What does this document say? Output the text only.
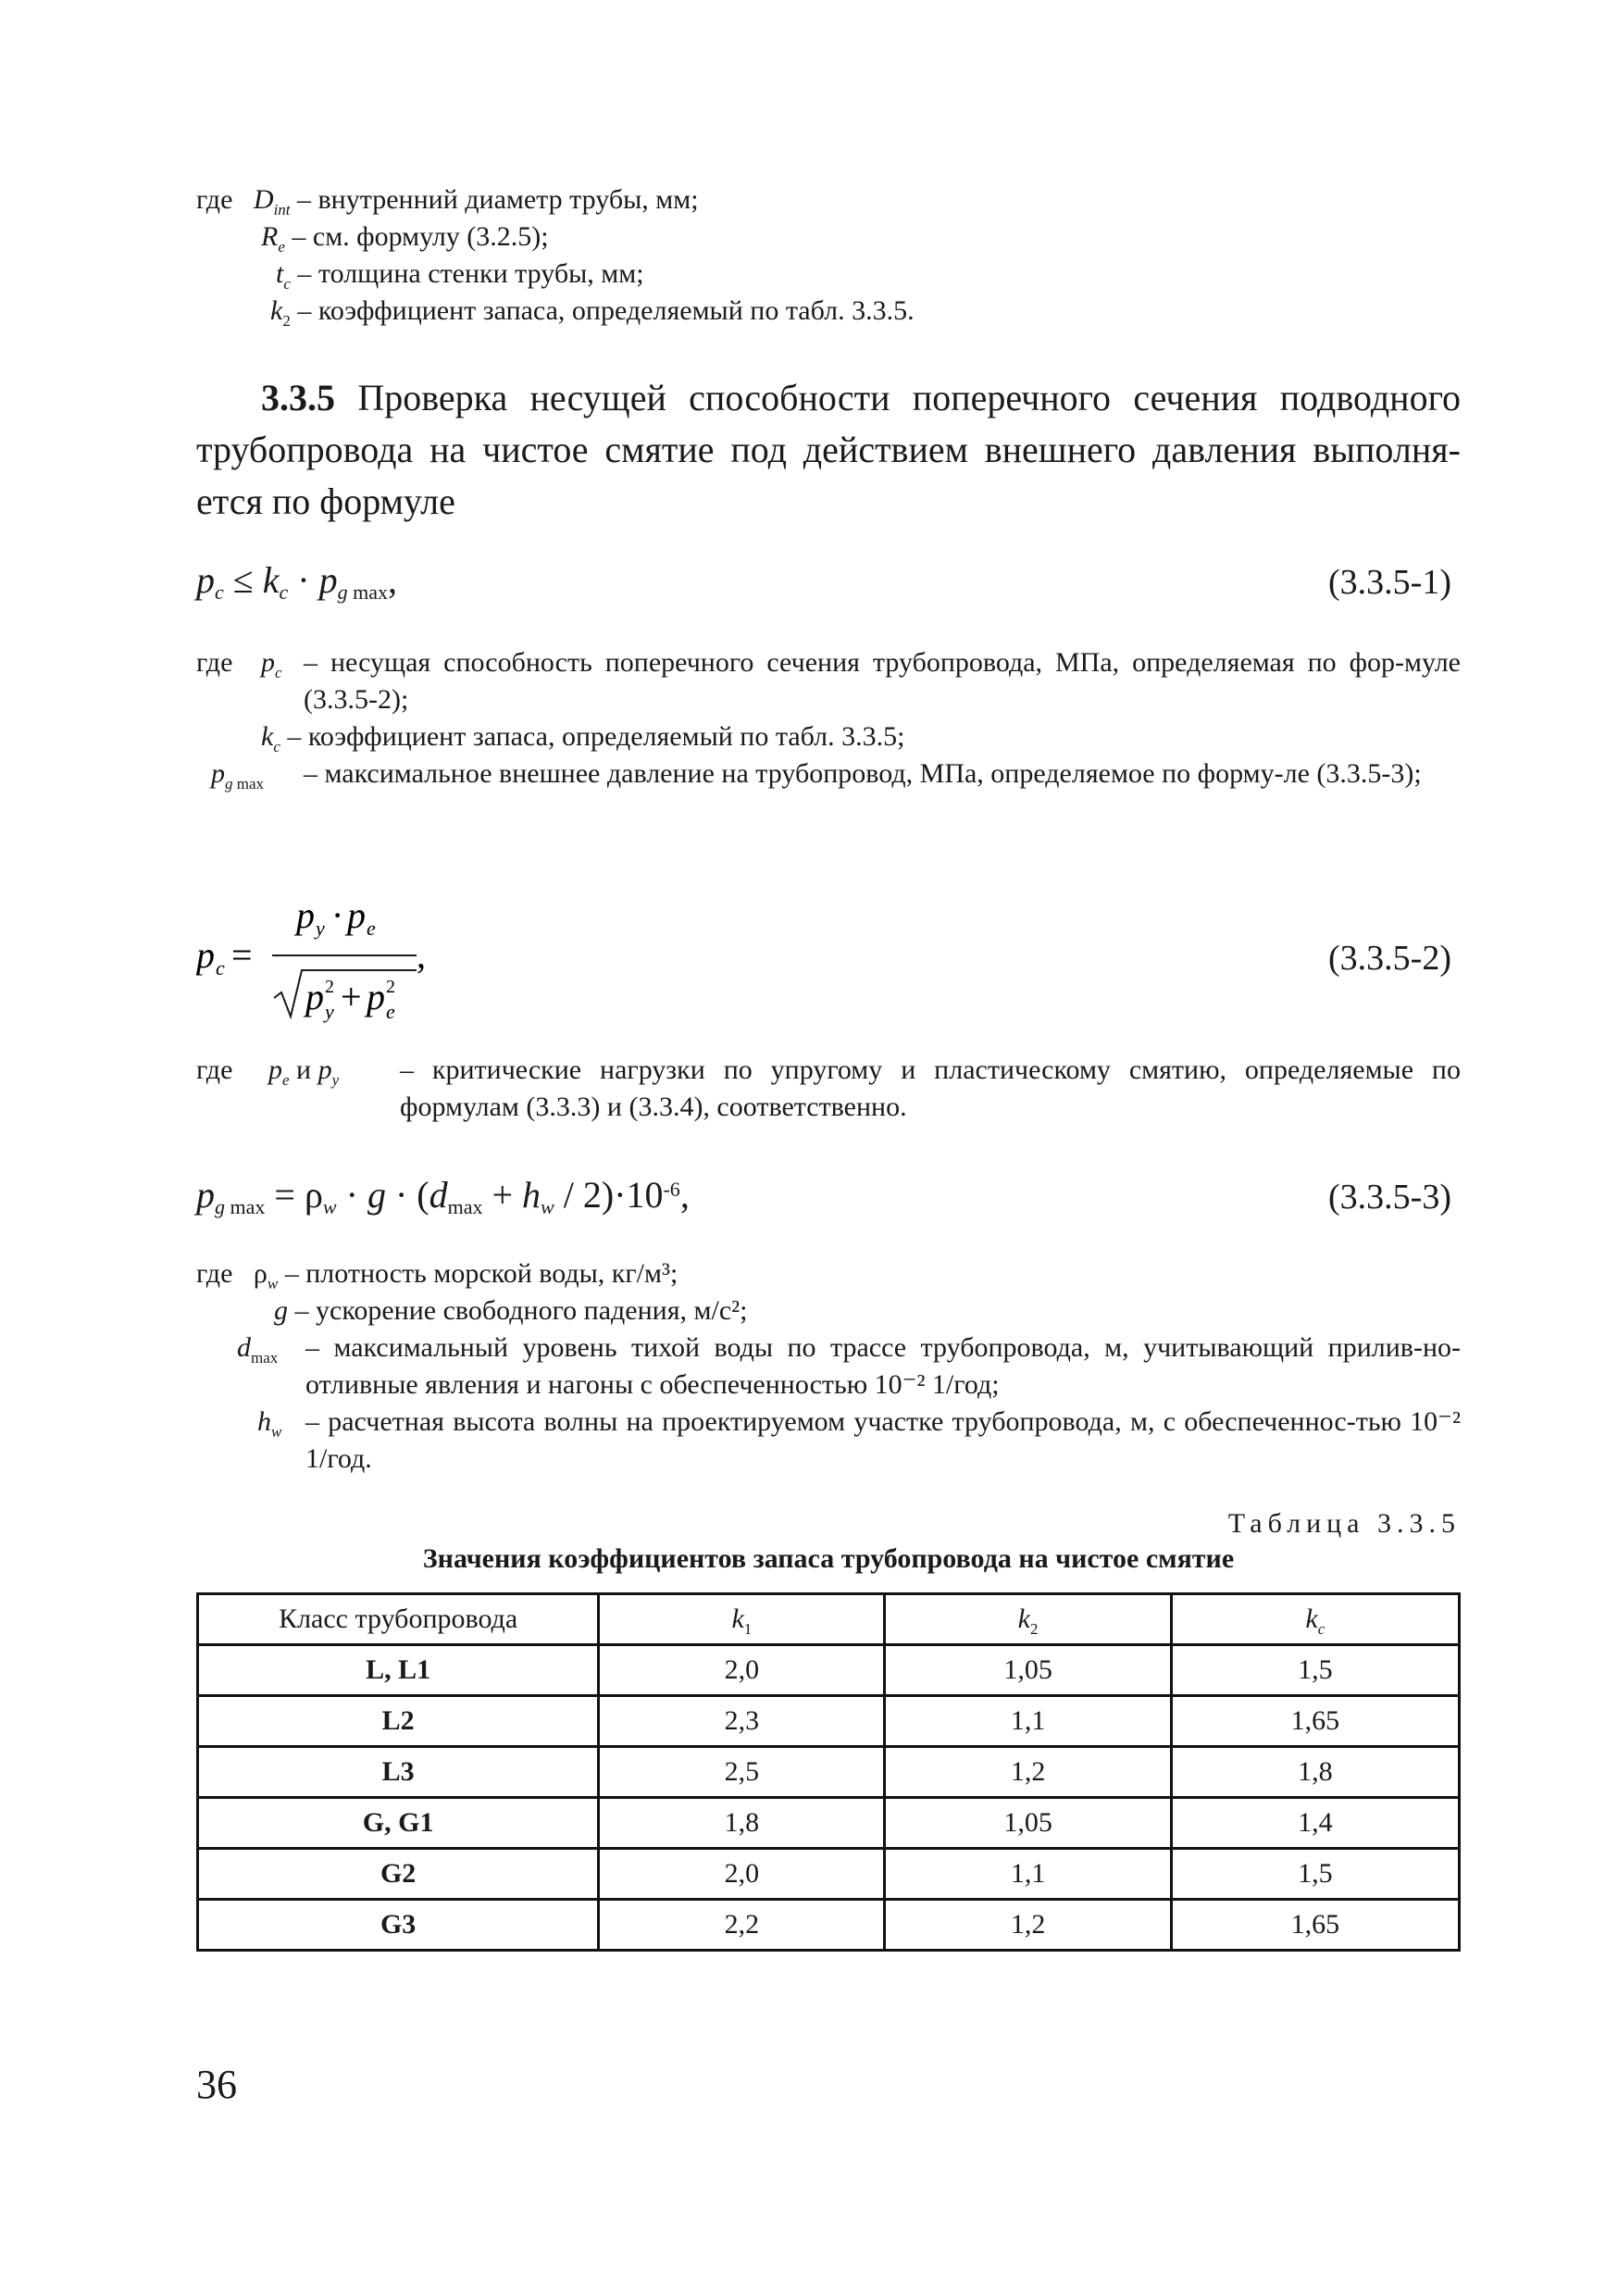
где $D_{int}$ – внутренний диаметр трубы, мм;
$R_e$ – см. формулу (3.2.5);
$t_c$ – толщина стенки трубы, мм;
$k_2$ – коэффициент запаса, определяемый по табл. 3.3.5.
3.3.5 Проверка несущей способности поперечного сечения подводного трубопровода на чистое смятие под действием внешнего давления выполня-ется по формуле
$p_c \le k_c \cdot p_{g max}$,	(3.3.5-1)
где $p_c$ – несущая способность поперечного сечения трубопровода, МПа, определяемая по фор-муле (3.3.5-2);
$k_c$ – коэффициент запаса, определяемый по табл. 3.3.5;
$p_{g max}$ – максимальное внешнее давление на трубопровод, МПа, определяемое по форму-ле (3.3.5-3);
p c =
p y · p e
,
p 2
y + p 2
e
(3.3.5-2)
где $p_e$ и $p_y$ – критические нагрузки по упругому и пластическому смятию, определяемые по формулам (3.3.3) и (3.3.4), соответственно.
$p_{g max} = \rho_w \cdot g \cdot (d_{max} + h_w / 2)\cdot 10^{-6}$,	(3.3.5-3)
где $\rho_w$ – плотность морской воды, кг/м³;
g – ускорение свободного падения, м/с²;
$d_{max}$ – максимальный уровень тихой воды по трассе трубопровода, м, учитывающий прилив-но-отливные явления и нагоны с обеспеченностью 10⁻² 1/год;
$h_w$ – расчетная высота волны на проектируемом участке трубопровода, м, с обеспеченнос-тью 10⁻² 1/год.
Таблица 3.3.5
Значения коэффициентов запаса трубопровода на чистое смятие
Класс трубопровода	$k_1$	$k_2$	$k_c$
L, L1	2,0	1,05	1,5
L2	2,3	1,1	1,65
L3	2,5	1,2	1,8
G, G1	1,8	1,05	1,4
G2	2,0	1,1	1,5
G3	2,2	1,2	1,65
36
